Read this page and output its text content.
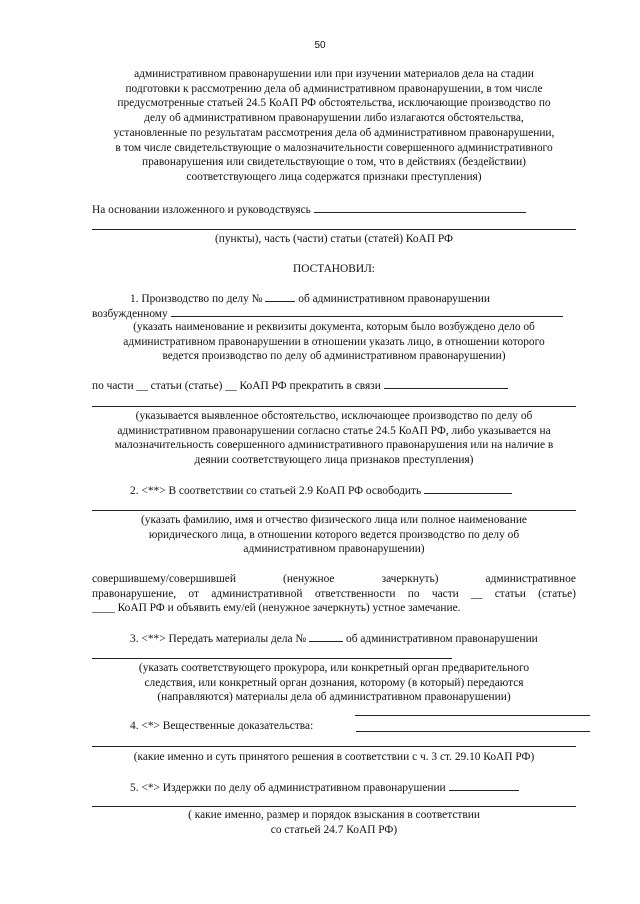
50
административном правонарушении или при изучении материалов дела на стадии
подготовки к рассмотрению дела об административном правонарушении, в том числе
предусмотренные статьей 24.5 КоАП РФ обстоятельства, исключающие производство по
делу об административном правонарушении либо излагаются обстоятельства,
установленные по результатам рассмотрения дела об административном правонарушении,
в том числе свидетельствующие о малозначительности совершенного административного
правонарушения или свидетельствующие о том, что в действиях (бездействии)
соответствующего лица содержатся признаки преступления)
На основании изложенного и руководствуясь
(пункты), часть (части) статьи (статей) КоАП РФ
ПОСТАНОВИЛ:
1. Производство по делу №	об административном правонарушении
возбужденному
(указать наименование и реквизиты документа, которым было возбуждено дело об
административном правонарушении в отношении указать лицо, в отношении которого
ведется производство по делу об административном правонарушении)
по части __ статьи (статье) __ КоАП РФ прекратить в связи
(указывается выявленное обстоятельство, исключающее производство по делу об
административном правонарушении согласно статье 24.5 КоАП РФ, либо указывается на
малозначительность совершенного административного правонарушения или на наличие в
деянии соответствующего лица признаков преступления)
2. <**> В соответствии со статьей 2.9 КоАП РФ освободить
(указать фамилию, имя и отчество физического лица или полное наименование
юридического лица, в отношении которого ведется производство по делу об
административном правонарушении)
совершившему/совершившей	(ненужное	зачеркнуть)	административное
правонарушение, от административной ответственности по части __ статьи (статье)
____ КоАП РФ и объявить ему/ей (ненужное зачеркнуть) устное замечание.
3. <**> Передать материалы дела №	об административном правонарушении
(указать соответствующего прокурора, или конкретный орган предварительного
следствия, или конкретный орган дознания, которому (в который) передаются
(направляются) материалы дела об административном правонарушении)
4. <*> Вещественные доказательства:
(какие именно и суть принятого решения в соответствии с ч. 3 ст. 29.10 КоАП РФ)
5. <*> Издержки по делу об административном правонарушении
( какие именно, размер и порядок взыскания в соответствии
со статьей 24.7 КоАП РФ)
